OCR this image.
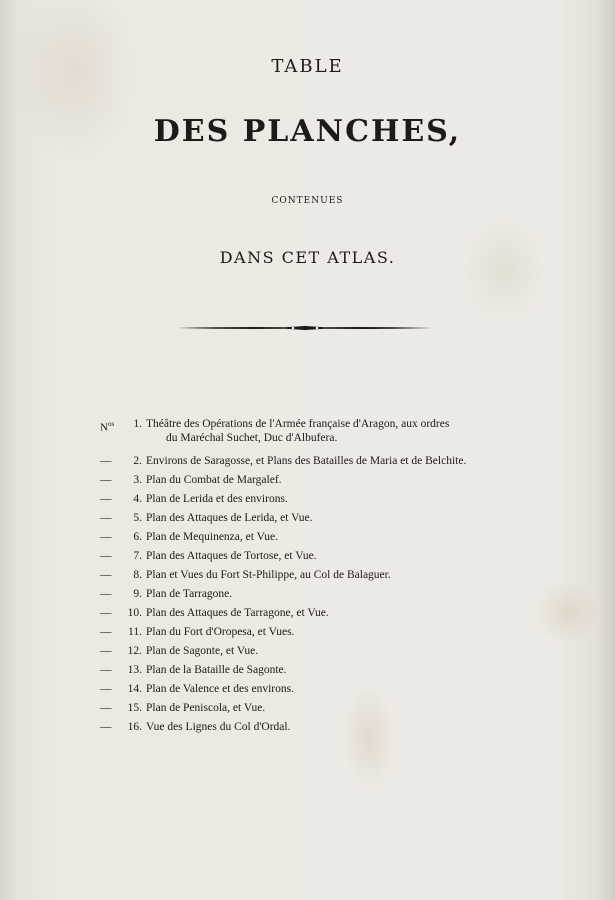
TABLE
DES PLANCHES,
CONTENUES
DANS CET ATLAS.
$N^{os}$	1. Théâtre des Opérations de l'Armée française d'Aragon, aux ordres
du Maréchal Suchet, Duc d'Albufera.
—	2. Environs de Saragosse, et Plans des Batailles de Maria et de Belchite.
—	3. Plan du Combat de Margalef.
—	4. Plan de Lerida et des environs.
—	5. Plan des Attaques de Lerida, et Vue.
—	6. Plan de Mequinenza, et Vue.
—	7. Plan des Attaques de Tortose, et Vue.
—	8. Plan et Vues du Fort St-Philippe, au Col de Balaguer.
—	9. Plan de Tarragone.
—	10. Plan des Attaques de Tarragone, et Vue.
—	11. Plan du Fort d'Oropesa, et Vues.
—	12. Plan de Sagonte, et Vue.
—	13. Plan de la Bataille de Sagonte.
—	14. Plan de Valence et des environs.
—	15. Plan de Peniscola, et Vue.
—	16. Vue des Lignes du Col d'Ordal.
